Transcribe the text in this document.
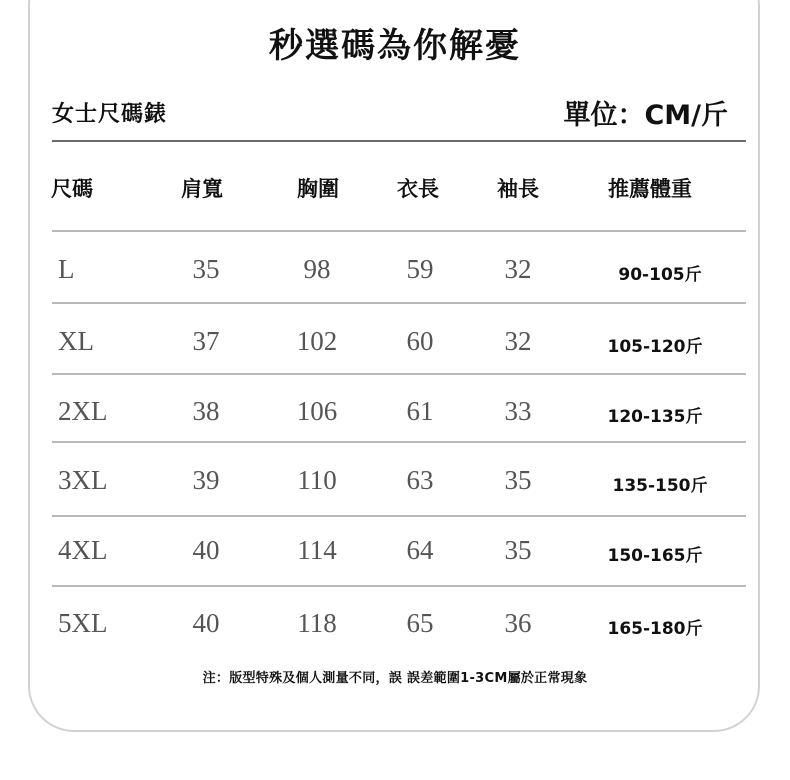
秒選碼為你解憂
女士尺碼錶	單位：CM/斤
尺碼	肩寬	胸圍	衣長	袖長	推薦體重
L	35	98	59	32	90-105斤
XL	37	102	60	32	105-120斤
2XL	38	106	61	33	120-135斤
3XL	39	110	63	35	135-150斤
4XL	40	114	64	35	150-165斤
5XL	40	118	65	36	165-180斤
注：版型特殊及個人測量不同，誤 誤差範圍1-3CM屬於正常現象
